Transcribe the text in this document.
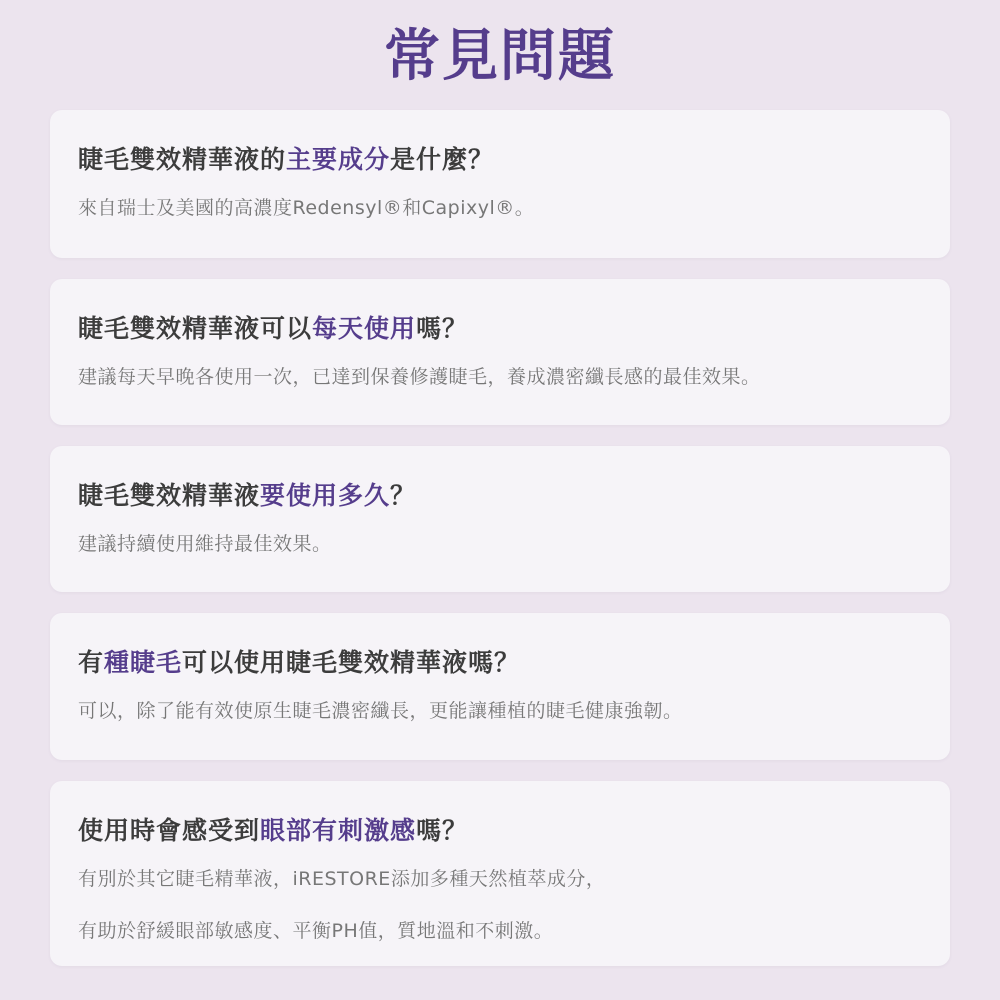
常見問題
睫毛雙效精華液的主要成分是什麼？
來自瑞士及美國的高濃度Redensyl®和Capixyl®。
睫毛雙效精華液可以每天使用嗎？
建議每天早晚各使用一次，已達到保養修護睫毛，養成濃密纖長感的最佳效果。
睫毛雙效精華液要使用多久？
建議持續使用維持最佳效果。
有種睫毛可以使用睫毛雙效精華液嗎？
可以，除了能有效使原生睫毛濃密纖長，更能讓種植的睫毛健康強韌。
使用時會感受到眼部有刺激感嗎？
有別於其它睫毛精華液，iRESTORE添加多種天然植萃成分，
有助於舒緩眼部敏感度、平衡PH值，質地溫和不刺激。
